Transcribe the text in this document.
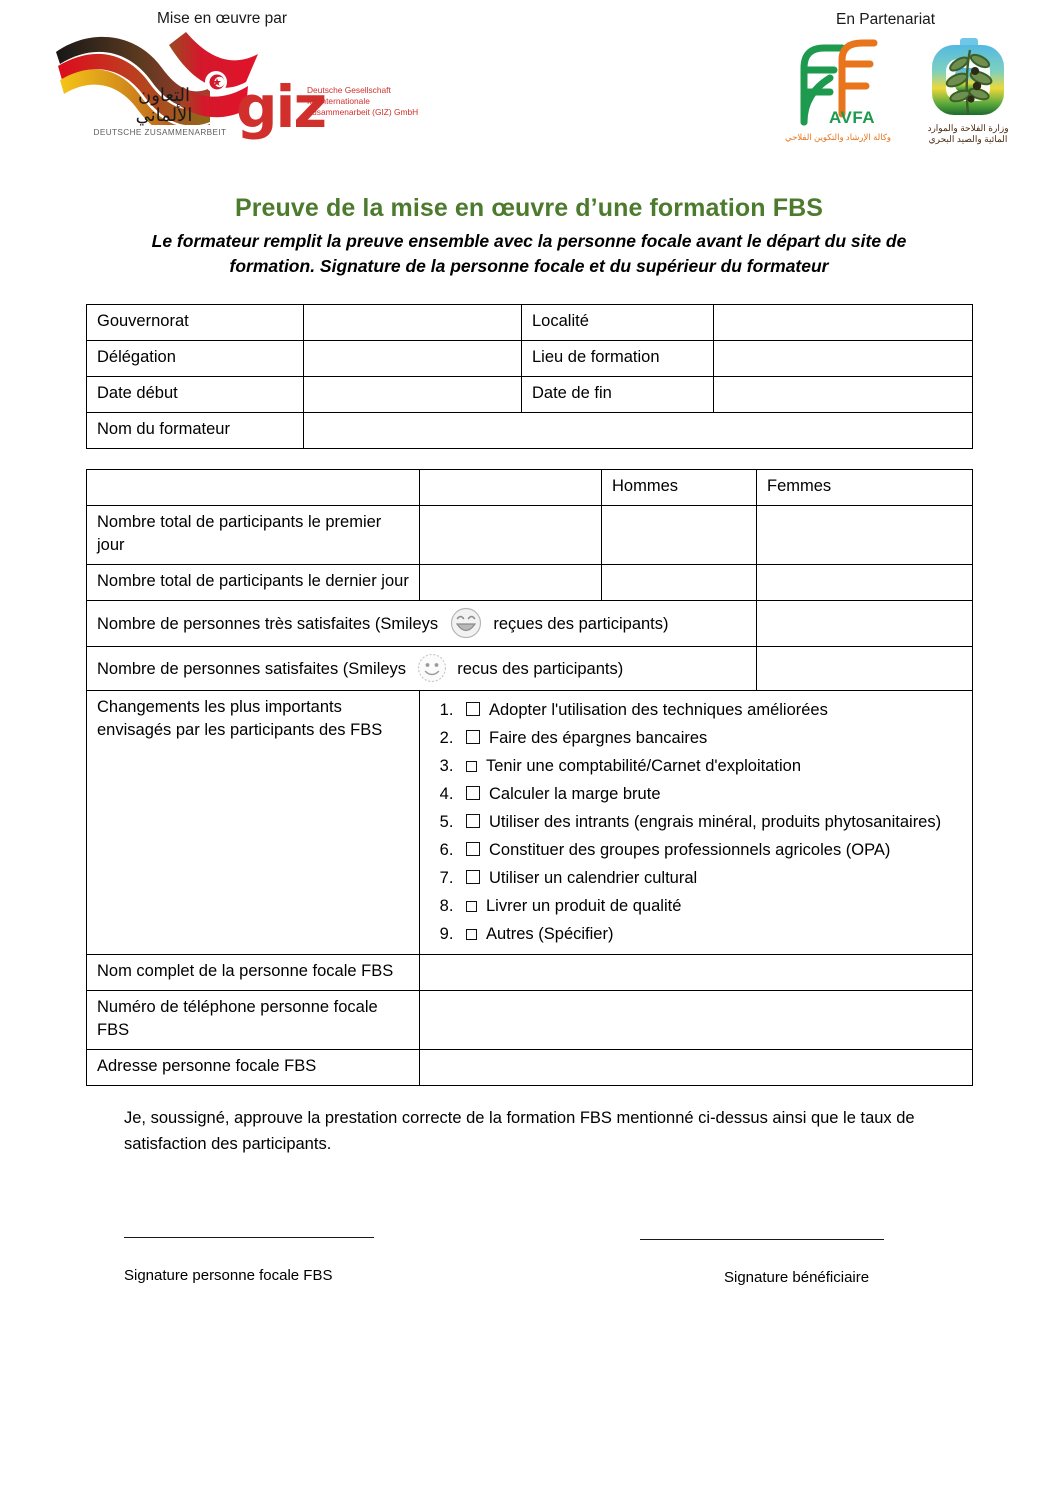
Mise en œuvre par	En Partenariat
التعاون
الألماني
DEUTSCHE ZUSAMMENARBEIT giz
Deutsche Gesellschaft
für Internationale
Zusammenarbeit (GIZ) GmbH	AVFA
وكالة الإرشاد والتكوين الفلاحي
وزارة الفلاحة والموارد
المائية والصيد البحري
Preuve de la mise en œuvre d’une formation FBS
Le formateur remplit la preuve ensemble avec la personne focale avant le départ du site de formation. Signature de la personne focale et du supérieur du formateur
Gouvernorat		Localité	
Délégation		Lieu de formation	
Date début		Date de fin	
Nom du formateur			
		Hommes	Femmes
Nombre total de participants le premier jour			
Nombre total de participants le dernier jour			
Nombre de personnes très satisfaites (Smileys reçues des participants)			
Nombre de personnes satisfaites (Smileys recus des participants)			
Changements les plus importants envisagés par les participants des FBS	
1. Adopter l'utilisation des techniques améliorées
2. Faire des épargnes bancaires
3. Tenir une comptabilité/Carnet d'exploitation
4. Calculer la marge brute
5. Utiliser des intrants (engrais minéral, produits phytosanitaires)
6. Constituer des groupes professionnels agricoles (OPA)
7. Utiliser un calendrier cultural
8. Livrer un produit de qualité
9. Autres (Spécifier)

Nom complet de la personne focale FBS			
Numéro de téléphone personne focale FBS			
Adresse personne focale FBS			
Je, soussigné, approuve la prestation correcte de la formation FBS mentionné ci-dessus ainsi que le taux de satisfaction des participants.
Signature personne focale FBS	Signature bénéficiaire
